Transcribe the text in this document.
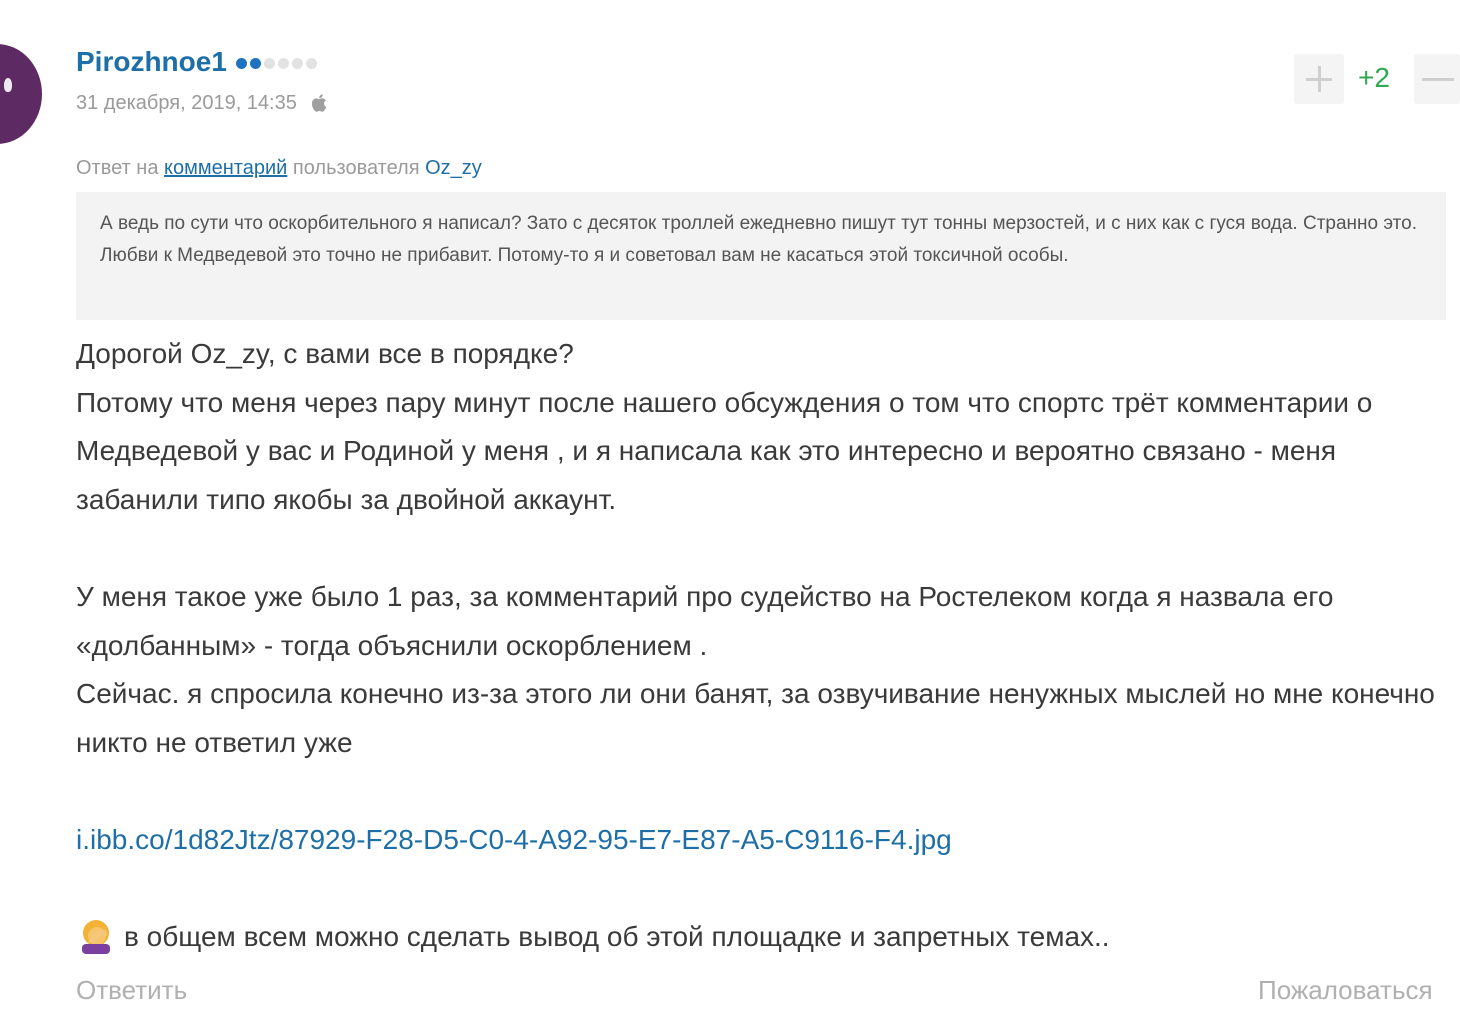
Pirozhnoe1
31 декабря, 2019, 14:35
+2
Ответ на комментарий пользователя Oz_zy
А ведь по сути что оскорбительного я написал? Зато с десяток троллей ежедневно пишут тут тонны мерзостей, и с них как с гуся вода. Странно это. Любви к Медведевой это точно не прибавит. Потому-то я и советовал вам не касаться этой токсичной особы.

Дорогой Oz_zy, с вами все в порядке?

Потому что меня через пару минут после нашего обсуждения о том что спортс трёт комментарии о Медведевой у вас и Родиной у меня , и я написала как это интересно и вероятно связано - меня забанили типо якобы за двойной аккаунт.

У меня такое уже было 1 раз, за комментарий про судейство на Ростелеком когда я назвала его «долбанным» - тогда объяснили оскорблением .

Сейчас. я спросила конечно из-за этого ли они банят, за озвучивание ненужных мыслей но мне конечно никто не ответил уже

i.ibb.co/1d82Jtz/87929-F28-D5-C0-4-A92-95-E7-E87-A5-C9116-F4.jpg

в общем всем можно сделать вывод об этой площадке и запретных темах..

Ответить	Пожаловаться
